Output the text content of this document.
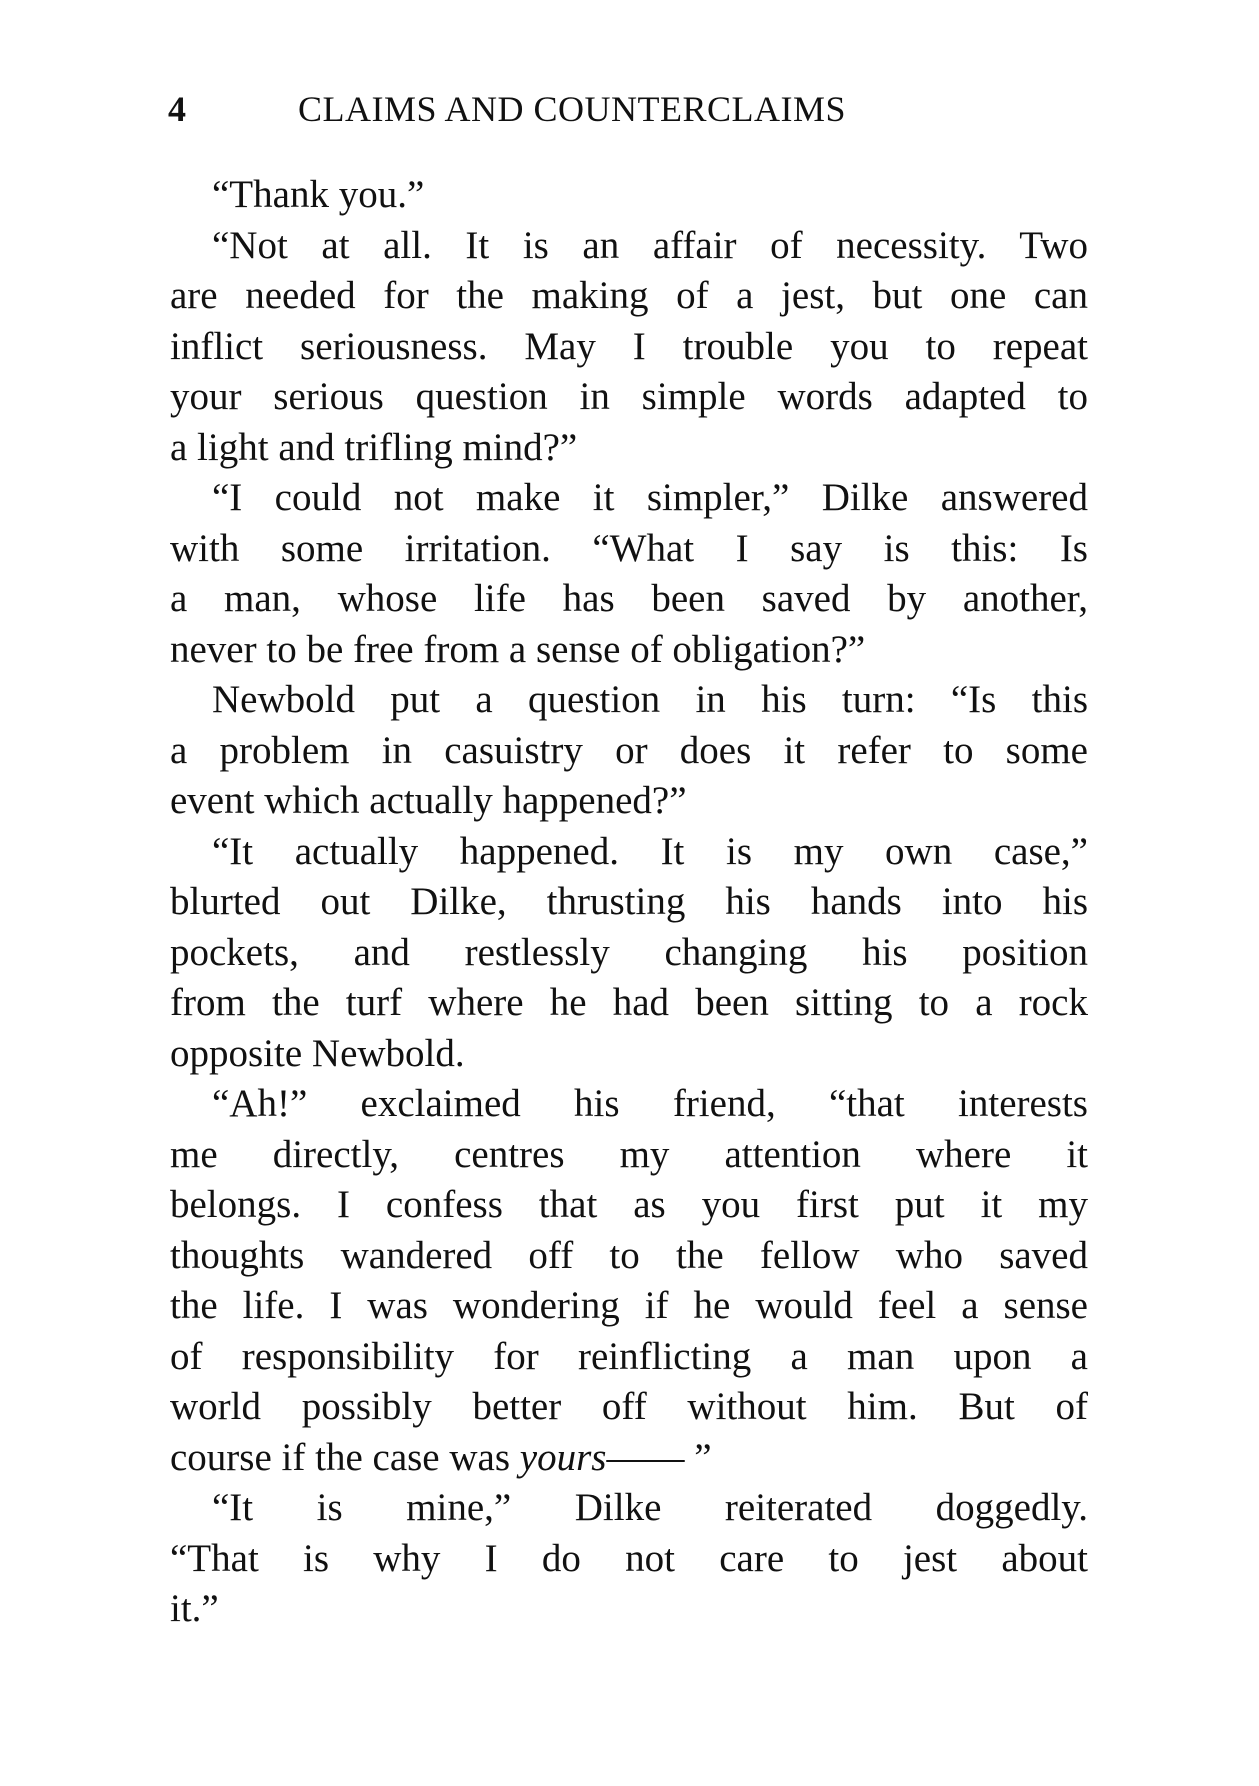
4	CLAIMS AND COUNTERCLAIMS
“Thank you.”
“Not at all. It is an affair of necessity. Two
are needed for the making of a jest, but one can
inflict seriousness. May I trouble you to repeat
your serious question in simple words adapted to
a light and trifling mind?”
“I could not make it simpler,” Dilke answered
with some irritation. “What I say is this: Is
a man, whose life has been saved by another,
never to be free from a sense of obligation?”
Newbold put a question in his turn: “Is this
a problem in casuistry or does it refer to some
event which actually happened?”
“It actually happened. It is my own case,”
blurted out Dilke, thrusting his hands into his
pockets, and restlessly changing his position
from the turf where he had been sitting to a rock
opposite Newbold.
“Ah!” exclaimed his friend, “that interests
me directly, centres my attention where it
belongs. I confess that as you first put it my
thoughts wandered off to the fellow who saved
the life. I was wondering if he would feel a sense
of responsibility for reinflicting a man upon a
world possibly better off without him. But of
course if the case was yours—— ”
“It is mine,” Dilke reiterated doggedly.
“That is why I do not care to jest about
it.”
